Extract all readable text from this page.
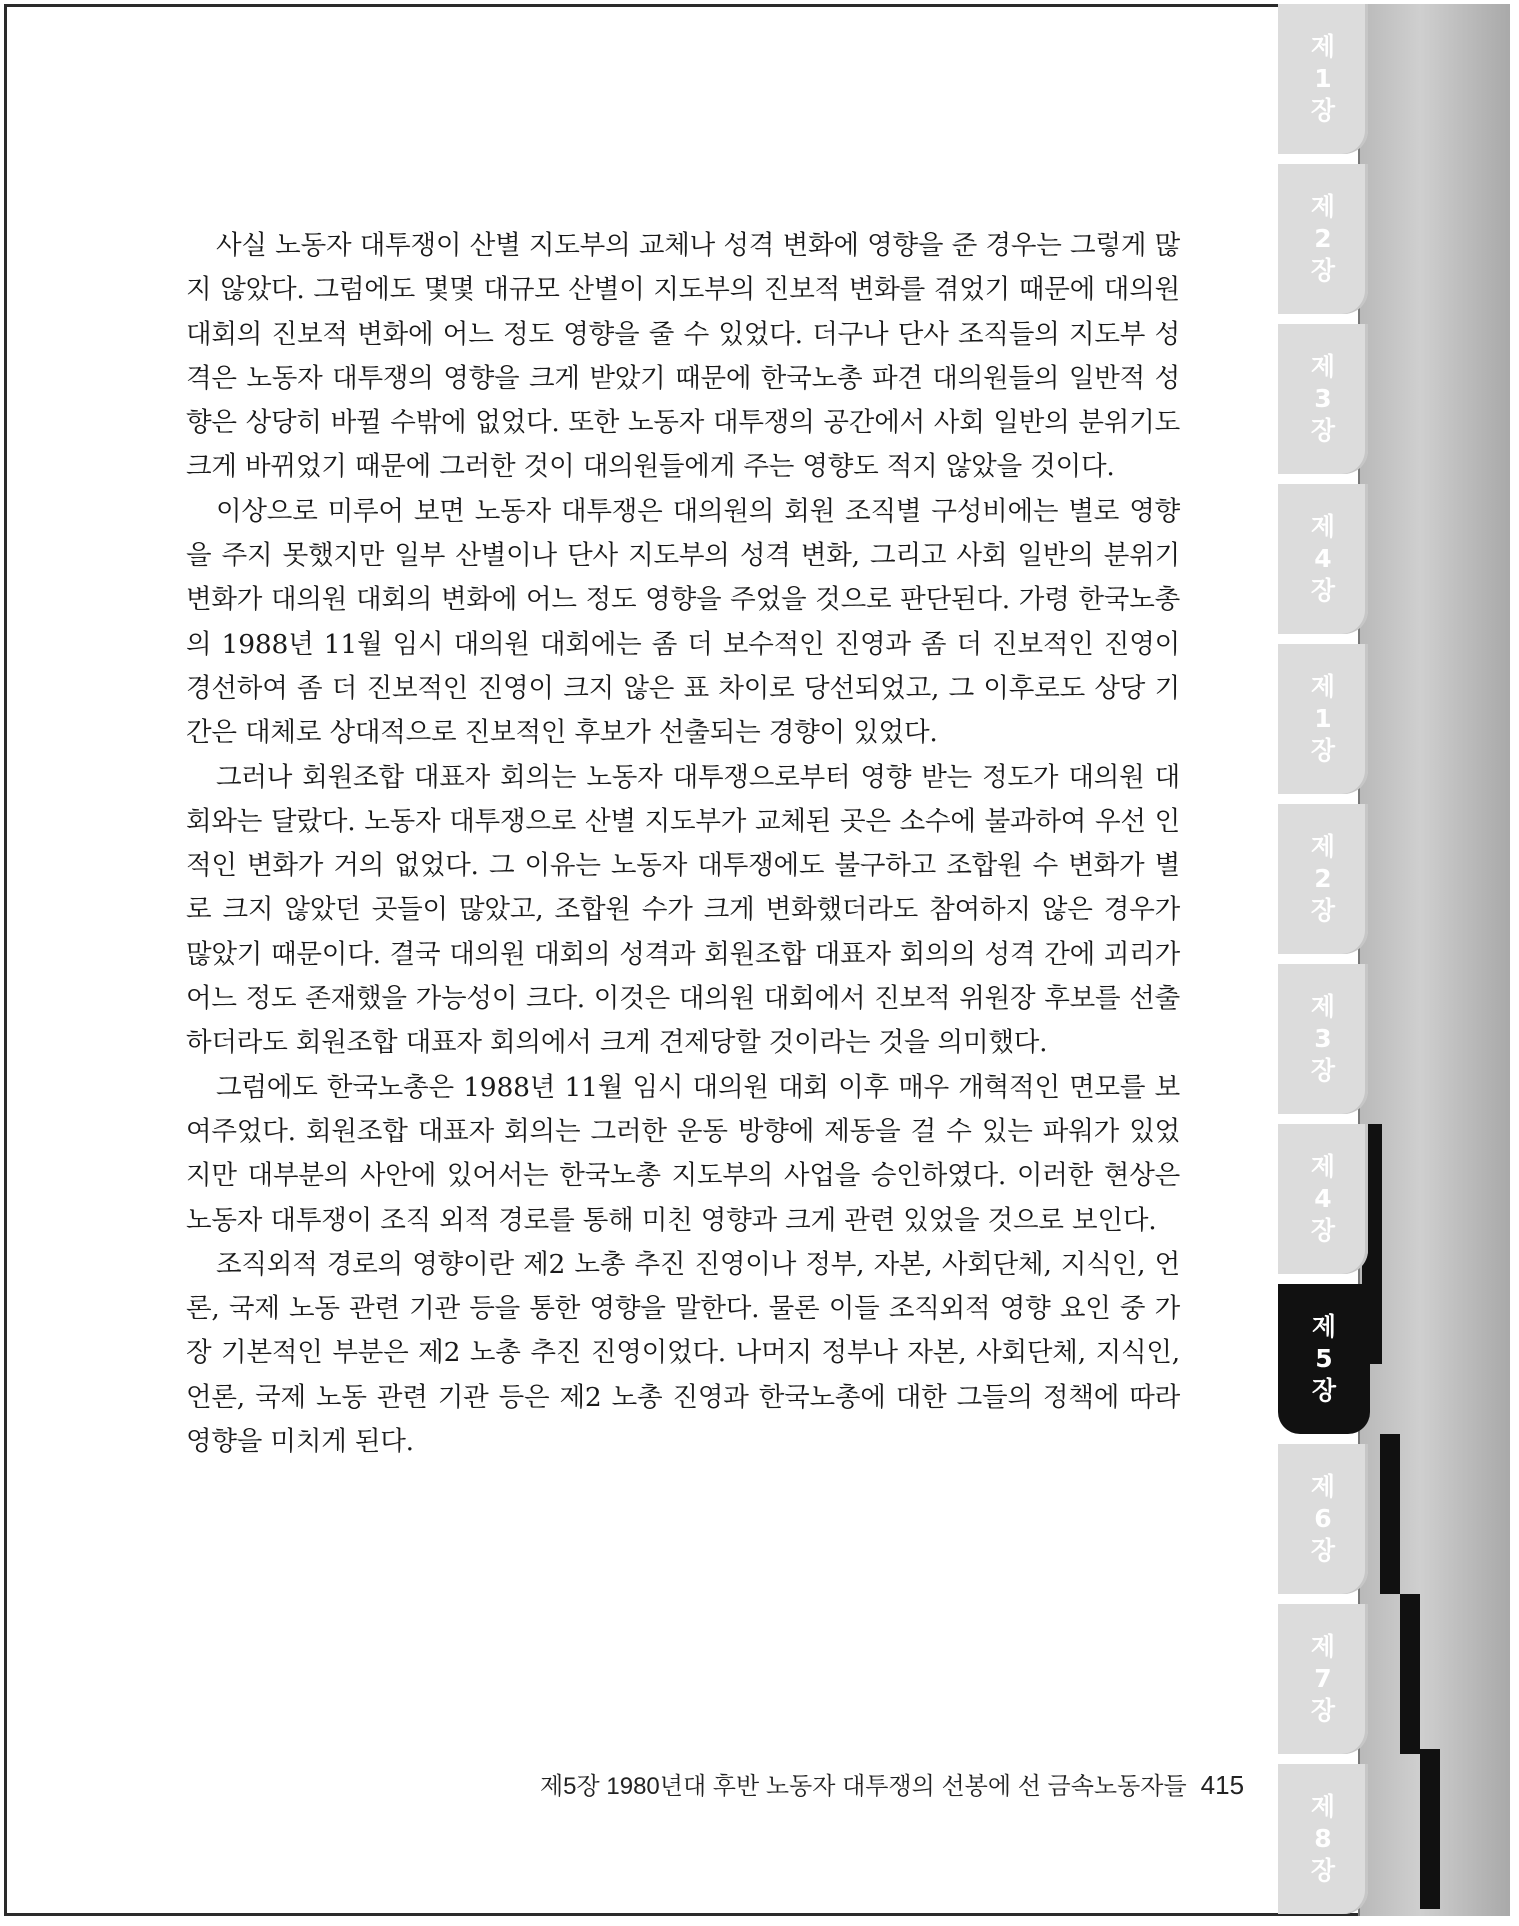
제
1
장
제
2
장
제
3
장
제
4
장
제
1
장
제
2
장
제
3
장
제
4
장
제
5
장
제
6
장
제
7
장
제
8
장

사실 노동자 대투쟁이 산별 지도부의 교체나 성격 변화에 영향을 준 경우는 그렇게 많지 않았다. 그럼에도 몇몇 대규모 산별이 지도부의 진보적 변화를 겪었기 때문에 대의원 대회의 진보적 변화에 어느 정도 영향을 줄 수 있었다. 더구나 단사 조직들의 지도부 성격은 노동자 대투쟁의 영향을 크게 받았기 때문에 한국노총 파견 대의원들의 일반적 성향은 상당히 바뀔 수밖에 없었다. 또한 노동자 대투쟁의 공간에서 사회 일반의 분위기도 크게 바뀌었기 때문에 그러한 것이 대의원들에게 주는 영향도 적지 않았을 것이다.

이상으로 미루어 보면 노동자 대투쟁은 대의원의 회원 조직별 구성비에는 별로 영향을 주지 못했지만 일부 산별이나 단사 지도부의 성격 변화, 그리고 사회 일반의 분위기 변화가 대의원 대회의 변화에 어느 정도 영향을 주었을 것으로 판단된다. 가령 한국노총의 1988년 11월 임시 대의원 대회에는 좀 더 보수적인 진영과 좀 더 진보적인 진영이 경선하여 좀 더 진보적인 진영이 크지 않은 표 차이로 당선되었고, 그 이후로도 상당 기간은 대체로 상대적으로 진보적인 후보가 선출되는 경향이 있었다.

그러나 회원조합 대표자 회의는 노동자 대투쟁으로부터 영향 받는 정도가 대의원 대회와는 달랐다. 노동자 대투쟁으로 산별 지도부가 교체된 곳은 소수에 불과하여 우선 인적인 변화가 거의 없었다. 그 이유는 노동자 대투쟁에도 불구하고 조합원 수 변화가 별로 크지 않았던 곳들이 많았고, 조합원 수가 크게 변화했더라도 참여하지 않은 경우가 많았기 때문이다. 결국 대의원 대회의 성격과 회원조합 대표자 회의의 성격 간에 괴리가 어느 정도 존재했을 가능성이 크다. 이것은 대의원 대회에서 진보적 위원장 후보를 선출하더라도 회원조합 대표자 회의에서 크게 견제당할 것이라는 것을 의미했다.

그럼에도 한국노총은 1988년 11월 임시 대의원 대회 이후 매우 개혁적인 면모를 보여주었다. 회원조합 대표자 회의는 그러한 운동 방향에 제동을 걸 수 있는 파워가 있었지만 대부분의 사안에 있어서는 한국노총 지도부의 사업을 승인하였다. 이러한 현상은 노동자 대투쟁이 조직 외적 경로를 통해 미친 영향과 크게 관련 있었을 것으로 보인다.

조직외적 경로의 영향이란 제2 노총 추진 진영이나 정부, 자본, 사회단체, 지식인, 언론, 국제 노동 관련 기관 등을 통한 영향을 말한다. 물론 이들 조직외적 영향 요인 중 가장 기본적인 부분은 제2 노총 추진 진영이었다. 나머지 정부나 자본, 사회단체, 지식인, 언론, 국제 노동 관련 기관 등은 제2 노총 진영과 한국노총에 대한 그들의 정책에 따라 영향을 미치게 된다.

제5장 1980년대 후반 노동자 대투쟁의 선봉에 선 금속노동자들 415
